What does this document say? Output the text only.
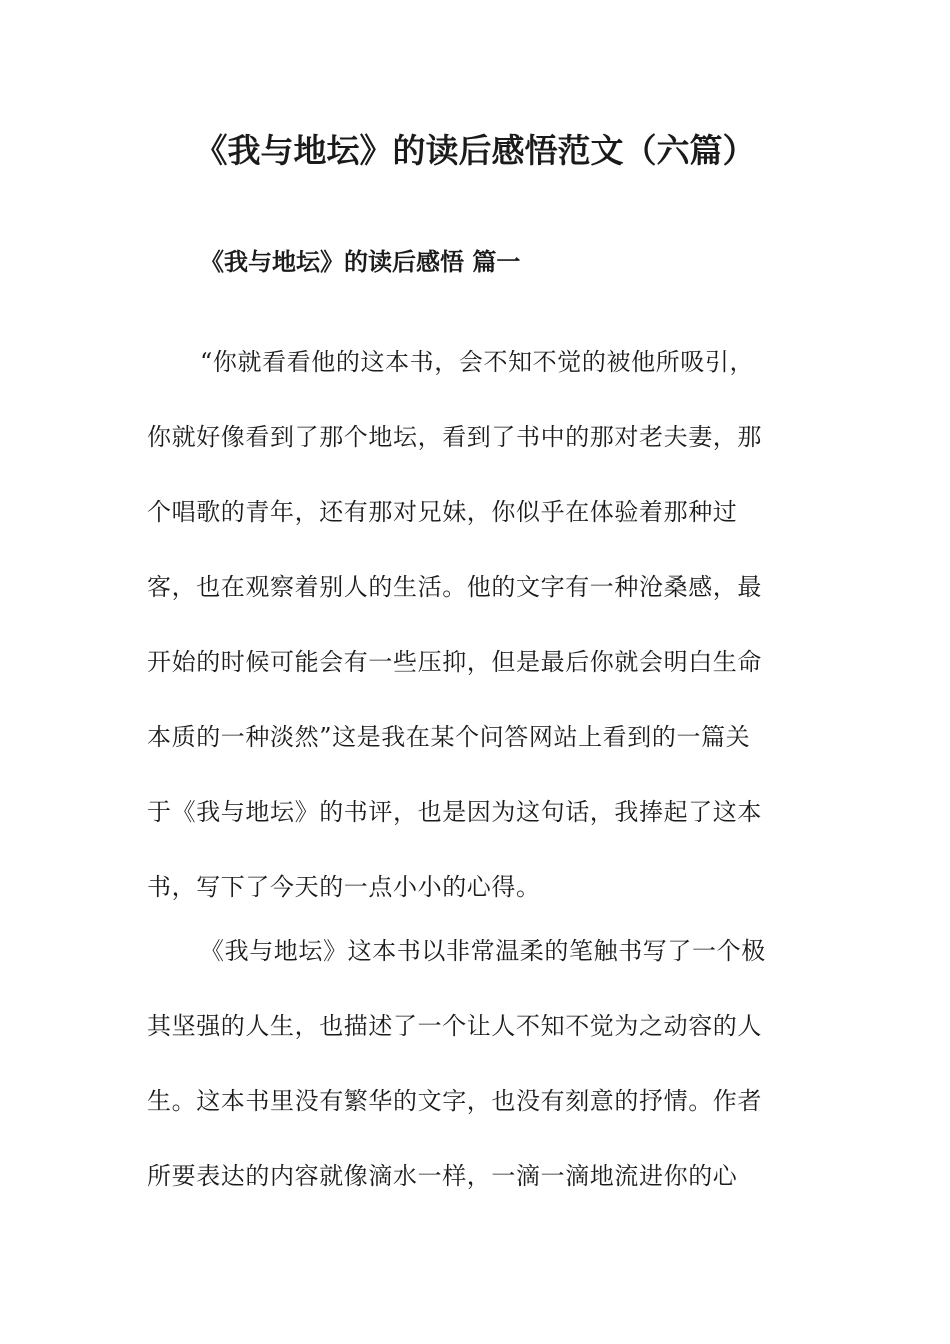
《我与地坛》的读后感悟范文（六篇）
《我与地坛》的读后感悟 篇一
“你就看看他的这本书，会不知不觉的被他所吸引，
你就好像看到了那个地坛，看到了书中的那对老夫妻，那
个唱歌的青年，还有那对兄妹，你似乎在体验着那种过
客，也在观察着别人的生活。他的文字有一种沧桑感，最
开始的时候可能会有一些压抑，但是最后你就会明白生命
本质的一种淡然”这是我在某个问答网站上看到的一篇关
于《我与地坛》的书评，也是因为这句话，我捧起了这本
书，写下了今天的一点小小的心得。
《我与地坛》这本书以非常温柔的笔触书写了一个极
其坚强的人生，也描述了一个让人不知不觉为之动容的人
生。这本书里没有繁华的文字，也没有刻意的抒情。作者
所要表达的内容就像滴水一样，一滴一滴地流进你的心
